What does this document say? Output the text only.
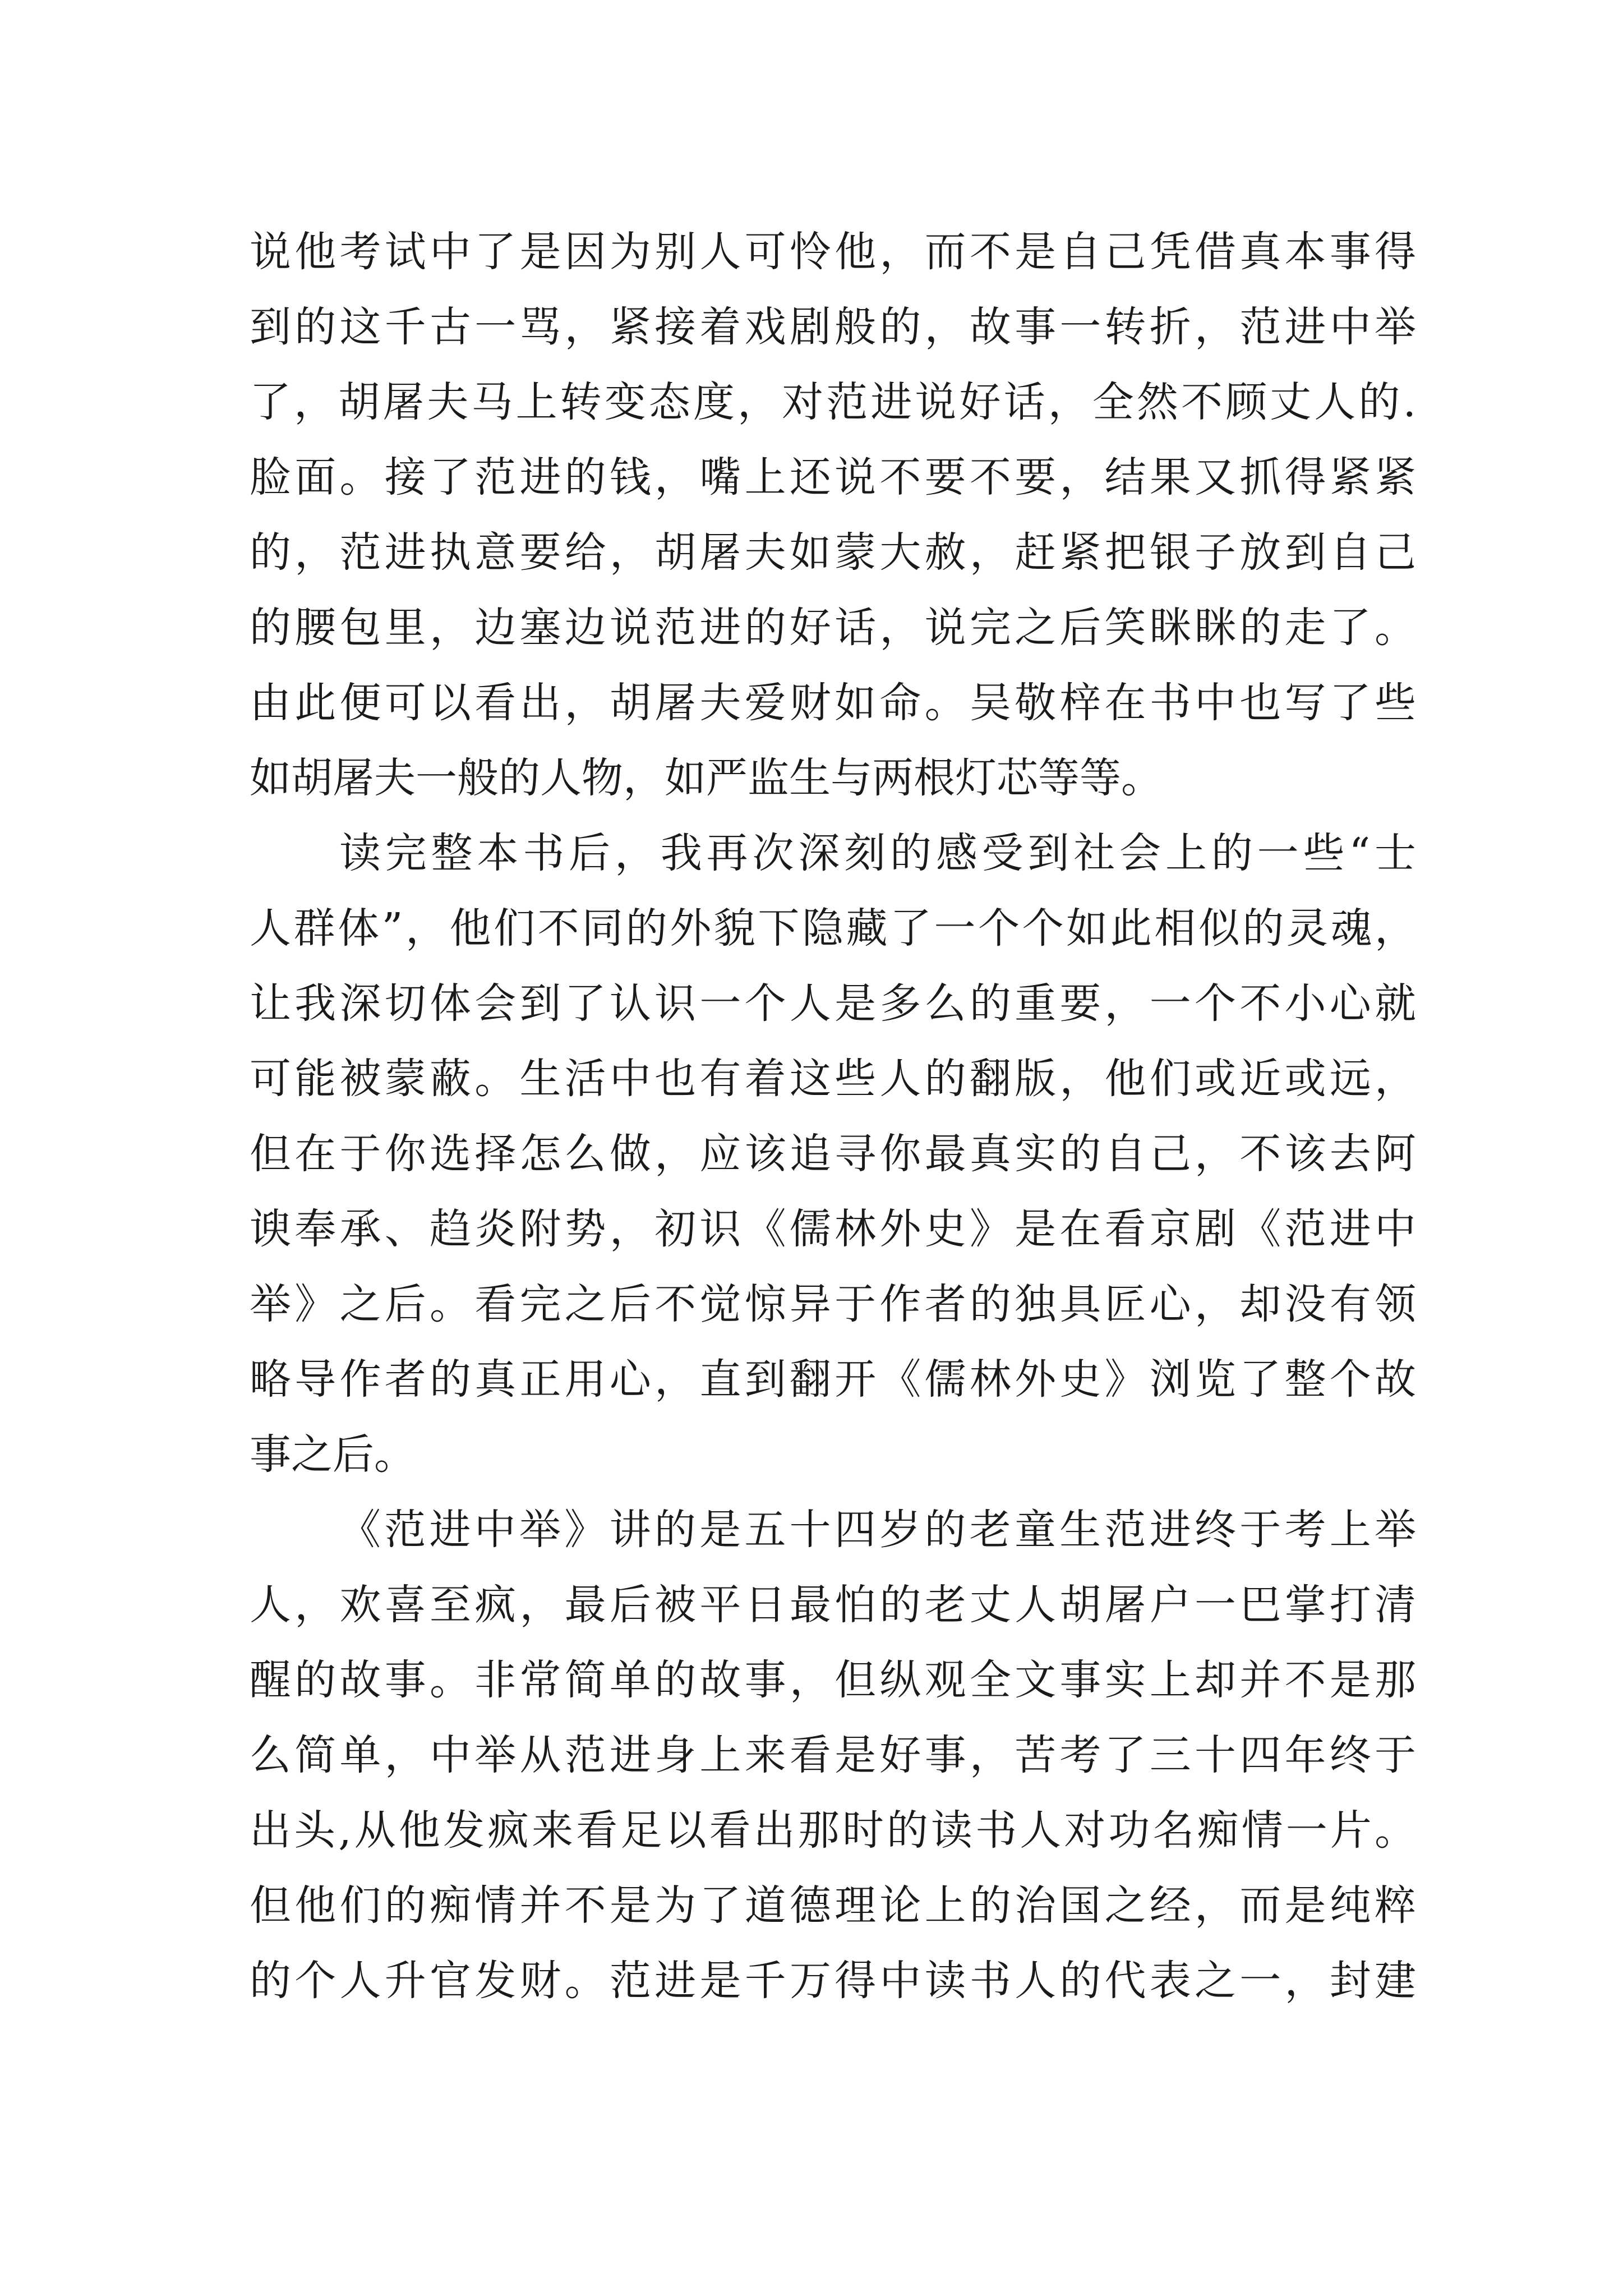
说他考试中了是因为别人可怜他，而不是自己凭借真本事得
到的这千古一骂，紧接着戏剧般的，故事一转折，范进中举
了，胡屠夫马上转变态度，对范进说好话，全然不顾丈人的.
脸面。接了范进的钱，嘴上还说不要不要，结果又抓得紧紧
的，范进执意要给，胡屠夫如蒙大赦，赶紧把银子放到自己
的腰包里，边塞边说范进的好话，说完之后笑眯眯的走了。
由此便可以看出，胡屠夫爱财如命。吴敬梓在书中也写了些
如胡屠夫一般的人物，如严监生与两根灯芯等等。
读完整本书后，我再次深刻的感受到社会上的一些“士
人群体”，他们不同的外貌下隐藏了一个个如此相似的灵魂，
让我深切体会到了认识一个人是多么的重要，一个不小心就
可能被蒙蔽。生活中也有着这些人的翻版，他们或近或远，
但在于你选择怎么做，应该追寻你最真实的自己，不该去阿
谀奉承、趋炎附势，初识《儒林外史》是在看京剧《范进中
举》之后。看完之后不觉惊异于作者的独具匠心，却没有领
略导作者的真正用心，直到翻开《儒林外史》浏览了整个故
事之后。
《范进中举》讲的是五十四岁的老童生范进终于考上举
人，欢喜至疯，最后被平日最怕的老丈人胡屠户一巴掌打清
醒的故事。非常简单的故事，但纵观全文事实上却并不是那
么简单，中举从范进身上来看是好事，苦考了三十四年终于
出头,从他发疯来看足以看出那时的读书人对功名痴情一片。
但他们的痴情并不是为了道德理论上的治国之经，而是纯粹
的个人升官发财。范进是千万得中读书人的代表之一，封建
